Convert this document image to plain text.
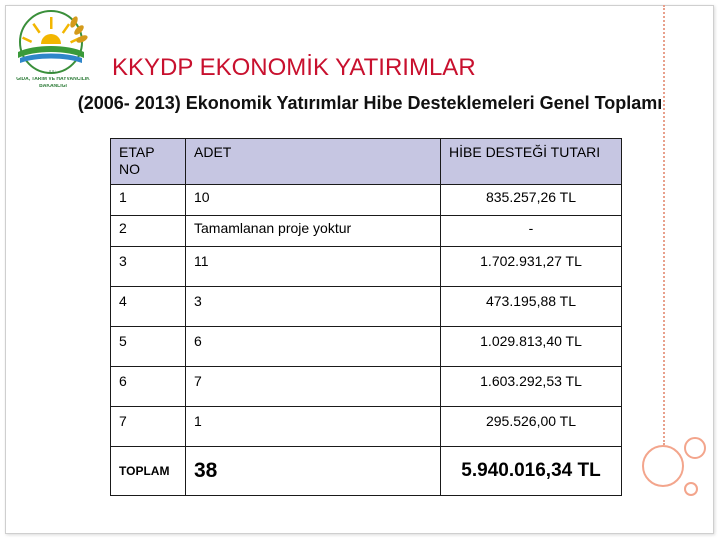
T.C.
GIDA, TARIM VE HAYVANCILIK
BAKANLIĞI
KKYDP EKONOMİK YATIRIMLAR

(2006- 2013) Ekonomik Yatırımlar Hibe Desteklemeleri Genel Toplamı

ETAP NO	ADET	HİBE DESTEĞİ TUTARI
1	10	835.257,26 TL
2	Tamamlanan proje yoktur	-
3	11	1.702.931,27 TL
4	3	473.195,88 TL
5	6	1.029.813,40 TL
6	7	1.603.292,53 TL
7	1	295.526,00 TL
TOPLAM	38	5.940.016,34 TL
